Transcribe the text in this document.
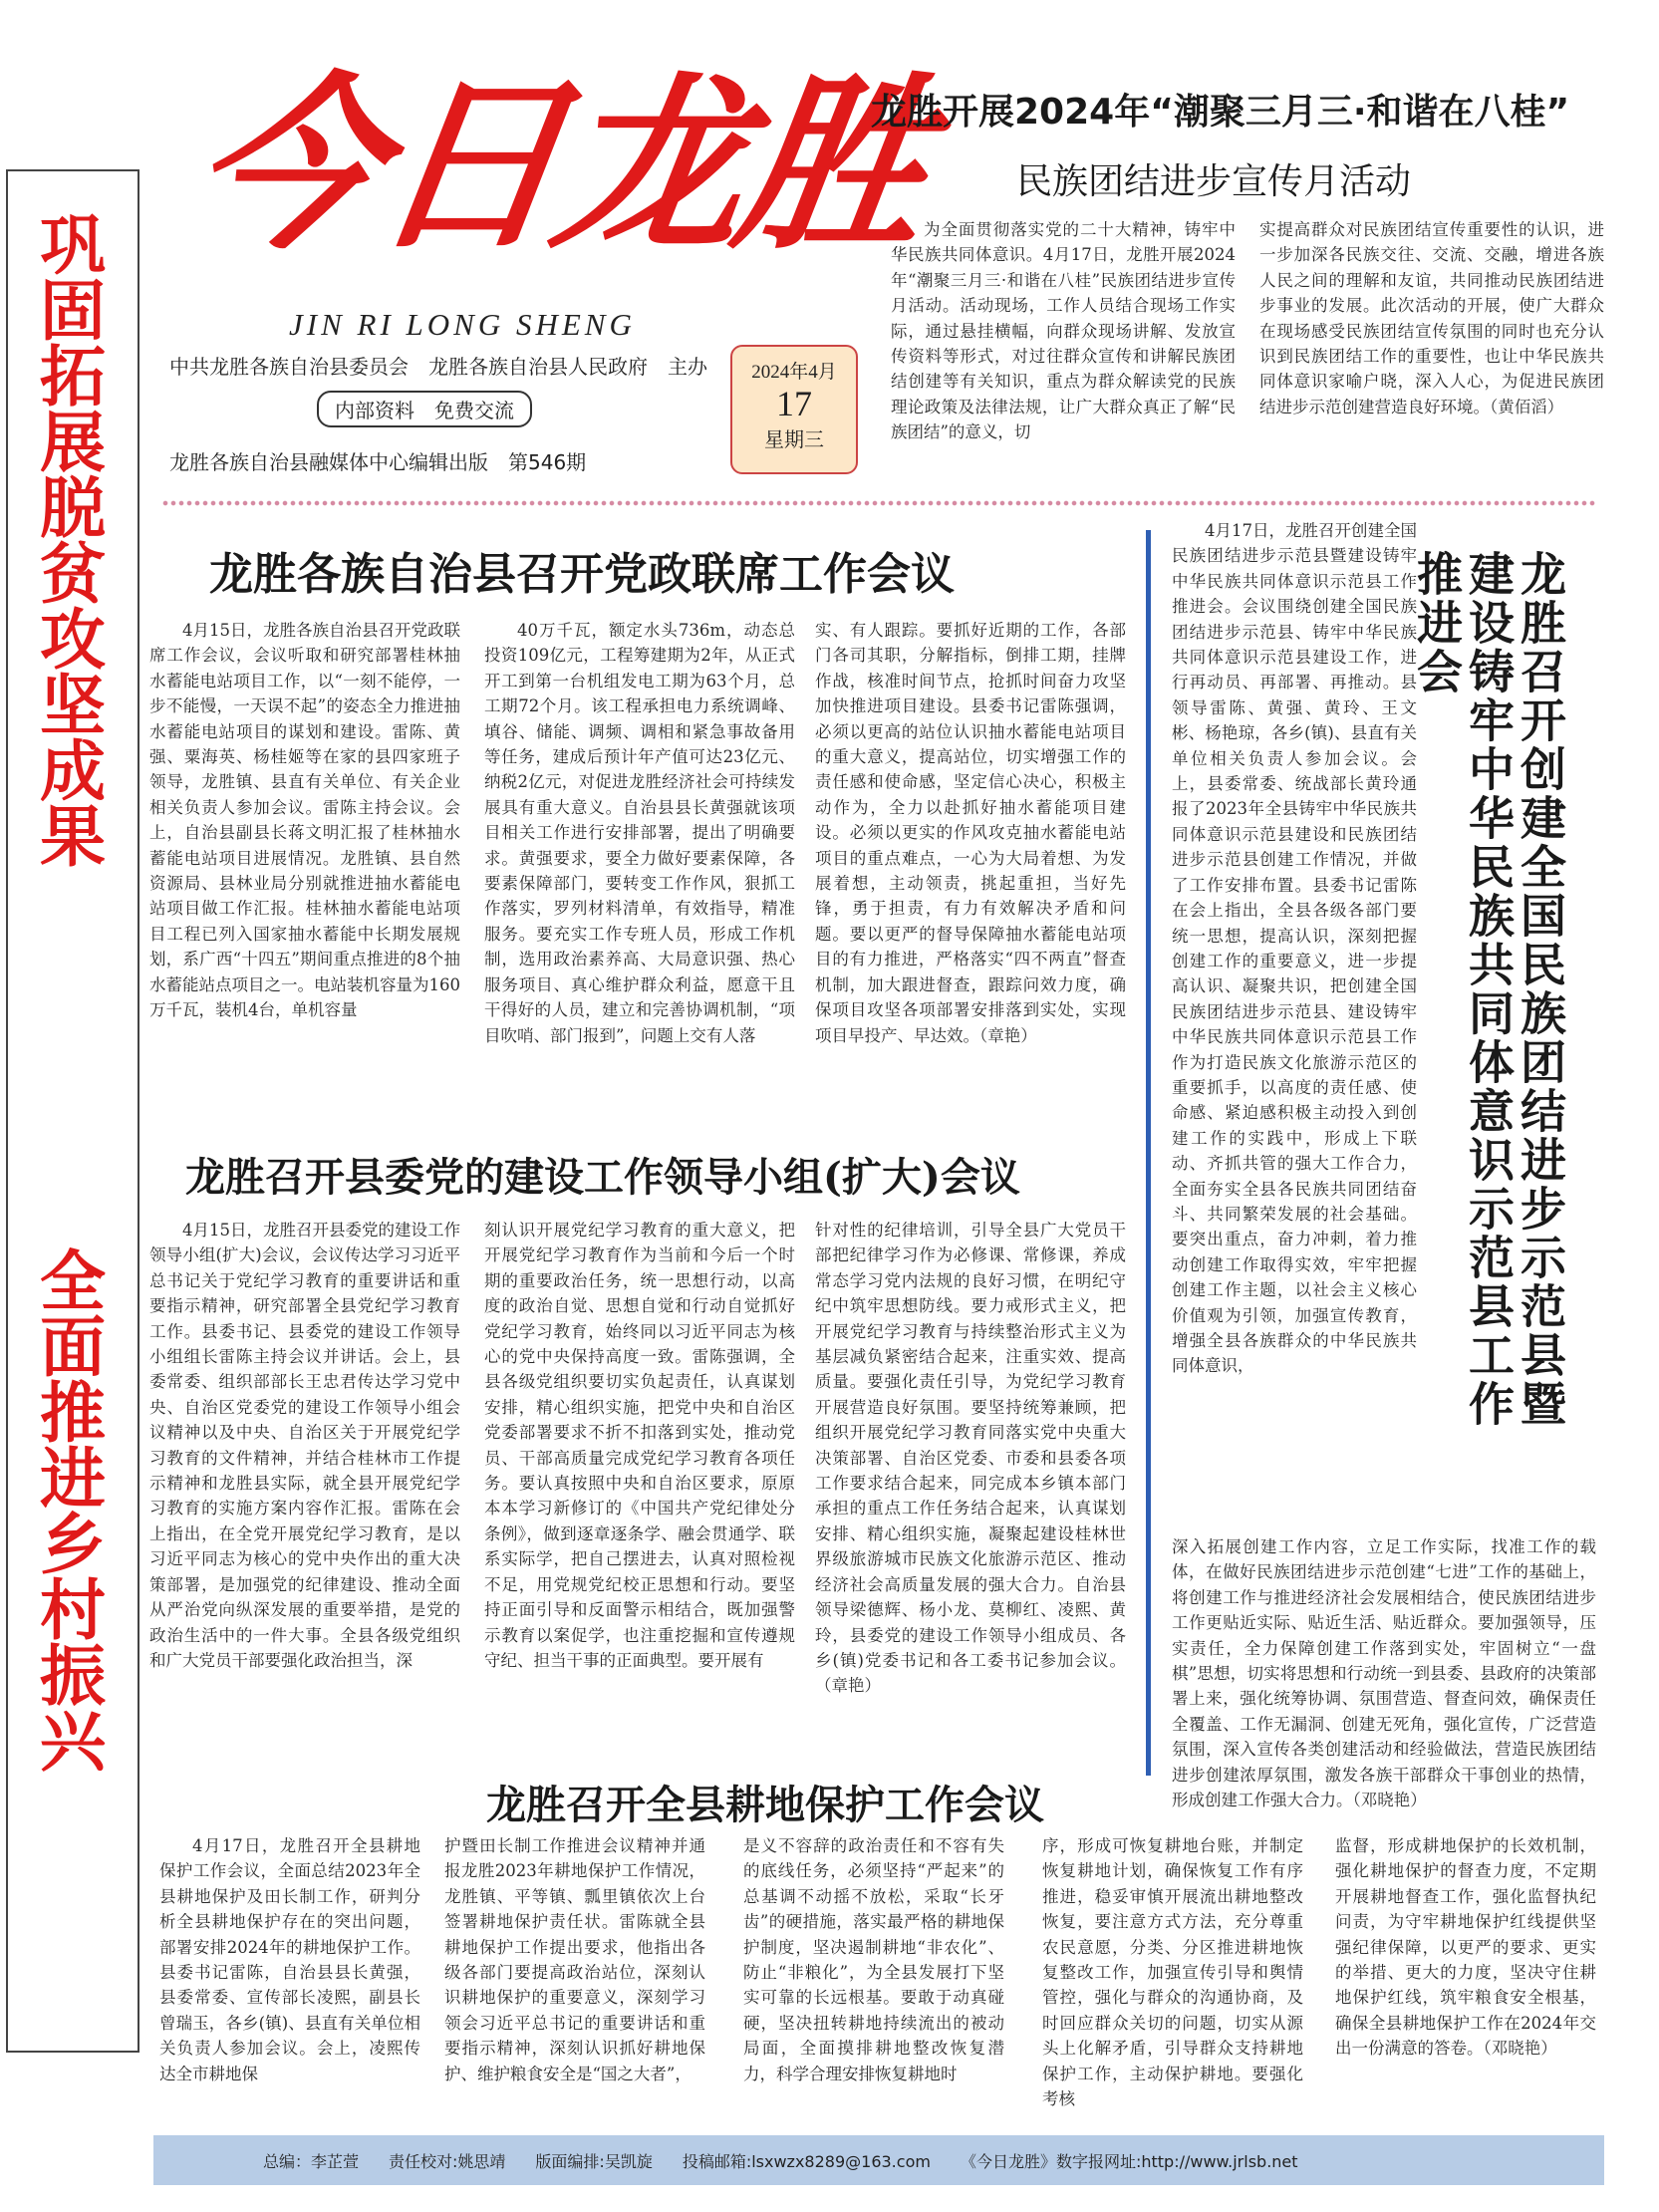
巩固拓展脱贫攻坚成果
全面推进乡村振兴
今日龙胜
JIN RI LONG SHENG
中共龙胜各族自治县委员会　龙胜各族自治县人民政府　主办
内部资料　免费交流
龙胜各族自治县融媒体中心编辑出版　第546期
2024年4月
17
星期三
龙胜开展2024年“潮聚三月三·和谐在八桂”
民族团结进步宣传月活动

为全面贯彻落实党的二十大精神，铸牢中华民族共同体意识。4月17日，龙胜开展2024年“潮聚三月三·和谐在八桂”民族团结进步宣传月活动。活动现场，工作人员结合现场工作实际，通过悬挂横幅，向群众现场讲解、发放宣传资料等形式，对过往群众宣传和讲解民族团结创建等有关知识，重点为群众解读党的民族理论政策及法律法规，让广大群众真正了解“民族团结”的意义，切

实提高群众对民族团结宣传重要性的认识，进一步加深各民族交往、交流、交融，增进各族人民之间的理解和友谊，共同推动民族团结进步事业的发展。此次活动的开展，使广大群众在现场感受民族团结宣传氛围的同时也充分认识到民族团结工作的重要性，也让中华民族共同体意识家喻户晓，深入人心，为促进民族团结进步示范创建营造良好环境。（黄佰滔）
龙胜各族自治县召开党政联席工作会议

4月15日，龙胜各族自治县召开党政联席工作会议，会议听取和研究部署桂林抽水蓄能电站项目工作，以“一刻不能停，一步不能慢，一天误不起”的姿态全力推进抽水蓄能电站项目的谋划和建设。雷陈、黄强、粟海英、杨桂姬等在家的县四家班子领导，龙胜镇、县直有关单位、有关企业相关负责人参加会议。雷陈主持会议。会上，自治县副县长蒋文明汇报了桂林抽水蓄能电站项目进展情况。龙胜镇、县自然资源局、县林业局分别就推进抽水蓄能电站项目做工作汇报。桂林抽水蓄能电站项目工程已列入国家抽水蓄能中长期发展规划，系广西“十四五”期间重点推进的8个抽水蓄能站点项目之一。电站装机容量为160万千瓦，装机4台，单机容量

40万千瓦，额定水头736m，动态总投资109亿元，工程筹建期为2年，从正式开工到第一台机组发电工期为63个月，总工期72个月。该工程承担电力系统调峰、填谷、储能、调频、调相和紧急事故备用等任务，建成后预计年产值可达23亿元、纳税2亿元，对促进龙胜经济社会可持续发展具有重大意义。自治县县长黄强就该项目相关工作进行安排部署，提出了明确要求。黄强要求，要全力做好要素保障，各要素保障部门，要转变工作作风，狠抓工作落实，罗列材料清单，有效指导，精准服务。要充实工作专班人员，形成工作机制，选用政治素养高、大局意识强、热心服务项目、真心维护群众利益，愿意干且干得好的人员，建立和完善协调机制，“项目吹哨、部门报到”，问题上交有人落

实、有人跟踪。要抓好近期的工作，各部门各司其职，分解指标，倒排工期，挂牌作战，核准时间节点，抢抓时间奋力攻坚加快推进项目建设。县委书记雷陈强调，必须以更高的站位认识抽水蓄能电站项目的重大意义，提高站位，切实增强工作的责任感和使命感，坚定信心决心，积极主动作为，全力以赴抓好抽水蓄能项目建设。必须以更实的作风攻克抽水蓄能电站项目的重点难点，一心为大局着想、为发展着想，主动领责，挑起重担，当好先锋，勇于担责，有力有效解决矛盾和问题。要以更严的督导保障抽水蓄能电站项目的有力推进，严格落实“四不两直”督查机制，加大跟进督查，跟踪问效力度，确保项目攻坚各项部署安排落到实处，实现项目早投产、早达效。（章艳）
龙胜召开县委党的建设工作领导小组(扩大)会议

4月15日，龙胜召开县委党的建设工作领导小组(扩大)会议，会议传达学习习近平总书记关于党纪学习教育的重要讲话和重要指示精神，研究部署全县党纪学习教育工作。县委书记、县委党的建设工作领导小组组长雷陈主持会议并讲话。会上，县委常委、组织部部长王忠君传达学习党中央、自治区党委党的建设工作领导小组会议精神以及中央、自治区关于开展党纪学习教育的文件精神，并结合桂林市工作提示精神和龙胜县实际，就全县开展党纪学习教育的实施方案内容作汇报。雷陈在会上指出，在全党开展党纪学习教育，是以习近平同志为核心的党中央作出的重大决策部署，是加强党的纪律建设、推动全面从严治党向纵深发展的重要举措，是党的政治生活中的一件大事。全县各级党组织和广大党员干部要强化政治担当，深

刻认识开展党纪学习教育的重大意义，把开展党纪学习教育作为当前和今后一个时期的重要政治任务，统一思想行动，以高度的政治自觉、思想自觉和行动自觉抓好党纪学习教育，始终同以习近平同志为核心的党中央保持高度一致。雷陈强调，全县各级党组织要切实负起责任，认真谋划安排，精心组织实施，把党中央和自治区党委部署要求不折不扣落到实处，推动党员、干部高质量完成党纪学习教育各项任务。要认真按照中央和自治区要求，原原本本学习新修订的《中国共产党纪律处分条例》，做到逐章逐条学、融会贯通学、联系实际学，把自己摆进去，认真对照检视不足，用党规党纪校正思想和行动。要坚持正面引导和反面警示相结合，既加强警示教育以案促学，也注重挖掘和宣传遵规守纪、担当干事的正面典型。要开展有
针对性的纪律培训，引导全县广大党员干部把纪律学习作为必修课、常修课，养成常态学习党内法规的良好习惯，在明纪守纪中筑牢思想防线。要力戒形式主义，把开展党纪学习教育与持续整治形式主义为基层减负紧密结合起来，注重实效、提高质量。要强化责任引导，为党纪学习教育开展营造良好氛围。要坚持统筹兼顾，把组织开展党纪学习教育同落实党中央重大决策部署、自治区党委、市委和县委各项工作要求结合起来，同完成本乡镇本部门承担的重点工作任务结合起来，认真谋划安排、精心组织实施，凝聚起建设桂林世界级旅游城市民族文化旅游示范区、推动经济社会高质量发展的强大合力。自治县领导梁德辉、杨小龙、莫柳红、凌熙、黄玲，县委党的建设工作领导小组成员、各乡(镇)党委书记和各工委书记参加会议。（章艳）
龙胜召开全县耕地保护工作会议

4月17日，龙胜召开全县耕地保护工作会议，全面总结2023年全县耕地保护及田长制工作，研判分析全县耕地保护存在的突出问题，部署安排2024年的耕地保护工作。县委书记雷陈，自治县县长黄强，县委常委、宣传部长凌熙，副县长曾瑞玉，各乡(镇)、县直有关单位相关负责人参加会议。会上，凌熙传达全市耕地保

护暨田长制工作推进会议精神并通报龙胜2023年耕地保护工作情况，龙胜镇、平等镇、瓢里镇依次上台签署耕地保护责任状。雷陈就全县耕地保护工作提出要求，他指出各级各部门要提高政治站位，深刻认识耕地保护的重要意义，深刻学习领会习近平总书记的重要讲话和重要指示精神，深刻认识抓好耕地保护、维护粮食安全是“国之大者”，
是义不容辞的政治责任和不容有失的底线任务，必须坚持“严起来”的总基调不动摇不放松，采取“长牙齿”的硬措施，落实最严格的耕地保护制度，坚决遏制耕地“非农化”、防止“非粮化”，为全县发展打下坚实可靠的长远根基。要敢于动真碰硬，坚决扭转耕地持续流出的被动局面，全面摸排耕地整改恢复潜力，科学合理安排恢复耕地时
序，形成可恢复耕地台账，并制定恢复耕地计划，确保恢复工作有序推进，稳妥审慎开展流出耕地整改恢复，要注意方式方法，充分尊重农民意愿，分类、分区推进耕地恢复整改工作，加强宣传引导和舆情管控，强化与群众的沟通协商，及时回应群众关切的问题，切实从源头上化解矛盾，引导群众支持耕地保护工作，主动保护耕地。要强化考核
监督，形成耕地保护的长效机制，强化耕地保护的督查力度，不定期开展耕地督查工作，强化监督执纪问责，为守牢耕地保护红线提供坚强纪律保障，以更严的要求、更实的举措、更大的力度，坚决守住耕地保护红线，筑牢粮食安全根基，确保全县耕地保护工作在2024年交出一份满意的答卷。（邓晓艳）
龙胜召开创建全国民族团结进步示范县暨建设铸牢中华民族共同体意识示范县工作推进会
4月17日，龙胜召开创建全国民族团结进步示范县暨建设铸牢中华民族共同体意识示范县工作推进会。会议围绕创建全国民族团结进步示范县、铸牢中华民族共同体意识示范县建设工作，进行再动员、再部署、再推动。县领导雷陈、黄强、黄玲、王文彬、杨艳琼，各乡(镇)、县直有关单位相关负责人参加会议。会上，县委常委、统战部长黄玲通报了2023年全县铸牢中华民族共同体意识示范县建设和民族团结进步示范县创建工作情况，并做了工作安排布置。县委书记雷陈在会上指出，全县各级各部门要统一思想，提高认识，深刻把握创建工作的重要意义，进一步提高认识、凝聚共识，把创建全国民族团结进步示范县、建设铸牢中华民族共同体意识示范县工作作为打造民族文化旅游示范区的重要抓手，以高度的责任感、使命感、紧迫感积极主动投入到创建工作的实践中，形成上下联动、齐抓共管的强大工作合力，全面夯实全县各民族共同团结奋斗、共同繁荣发展的社会基础。要突出重点，奋力冲刺，着力推动创建工作取得实效，牢牢把握创建工作主题，以社会主义核心价值观为引领，加强宣传教育，增强全县各族群众的中华民族共同体意识，
深入拓展创建工作内容，立足工作实际，找准工作的载体，在做好民族团结进步示范创建“七进”工作的基础上，将创建工作与推进经济社会发展相结合，使民族团结进步工作更贴近实际、贴近生活、贴近群众。要加强领导，压实责任，全力保障创建工作落到实处，牢固树立“一盘棋”思想，切实将思想和行动统一到县委、县政府的决策部署上来，强化统筹协调、氛围营造、督查问效，确保责任全覆盖、工作无漏洞、创建无死角，强化宣传，广泛营造氛围，深入宣传各类创建活动和经验做法，营造民族团结进步创建浓厚氛围，激发各族干部群众干事创业的热情，形成创建工作强大合力。（邓晓艳）
总编：李芷萱 责任校对:姚思靖 版面编排:吴凯旋 投稿邮箱:lsxwzx8289@163.com 《今日龙胜》数字报网址:http://www.jrlsb.net
